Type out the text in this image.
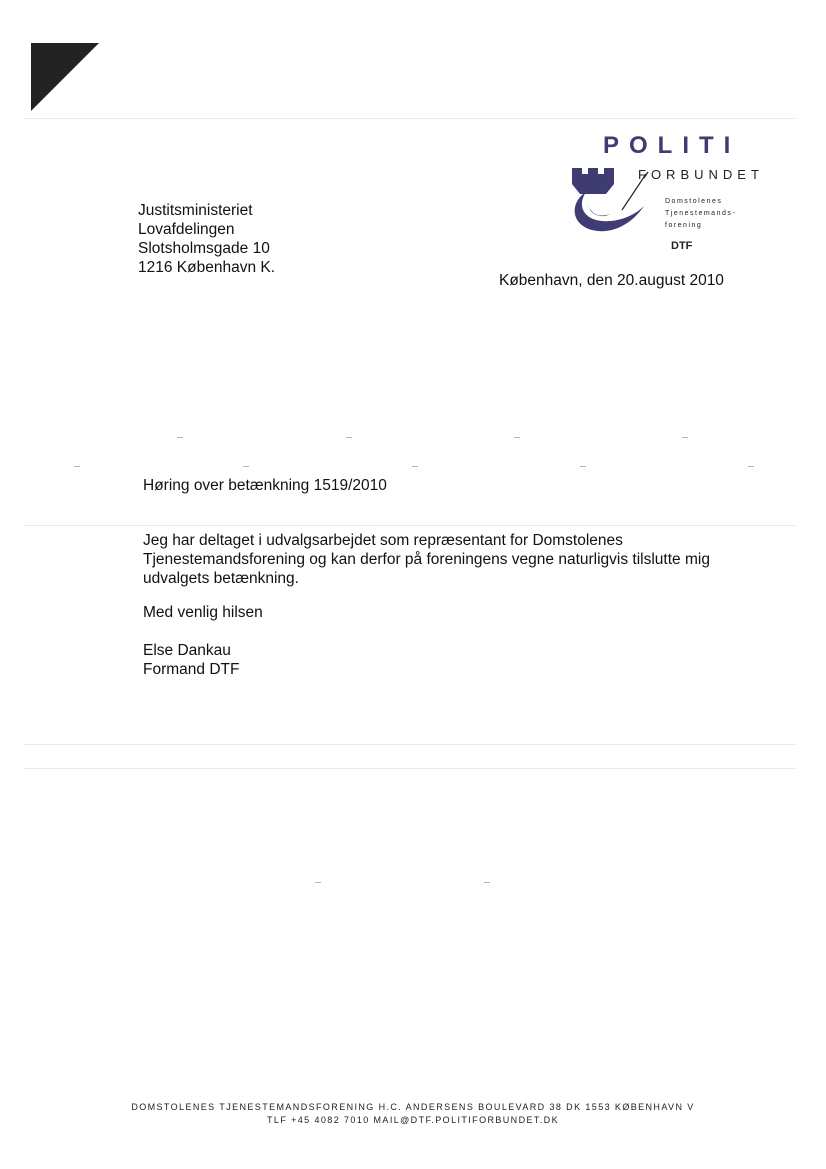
POLITI
FORBUNDET
Domstolenes
Tjenestemands-
forening
DTF
Justitsministeriet
Lovafdelingen
Slotsholmsgade 10
1216 København K.
København, den 20.august 2010
Høring over betænkning 1519/2010
Jeg har deltaget i udvalgsarbejdet som repræsentant for Domstolenes
Tjenestemandsforening og kan derfor på foreningens vegne naturligvis tilslutte mig
udvalgets betænkning.
Med venlig hilsen
Else Dankau
Formand DTF
DOMSTOLENES TJENESTEMANDSFORENING H.C. ANDERSENS BOULEVARD 38 DK 1553 KØBENHAVN V
TLF +45 4082 7010 MAIL@DTF.POLITIFORBUNDET.DK
